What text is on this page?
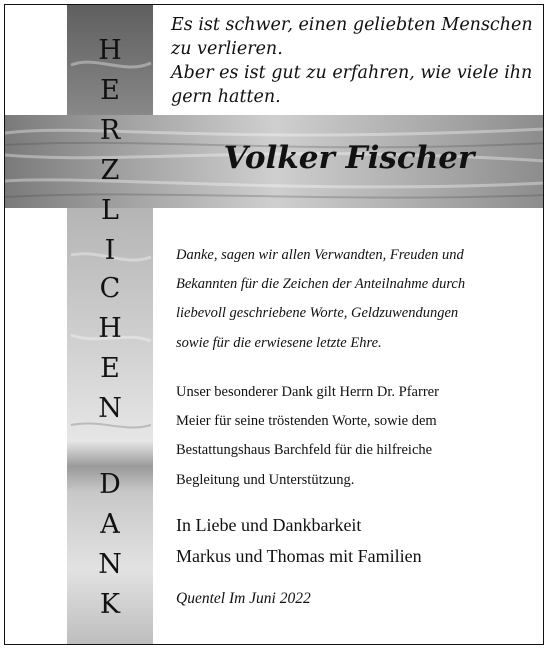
Es ist schwer, einen geliebten Menschen
zu verlieren.
Aber es ist gut zu erfahren, wie viele ihn
gern hatten.
Volker Fischer
H
E
R
Z
L
I
C
H
E
N
D
A
N
K
Danke, sagen wir allen Verwandten, Freuden und
Bekannten für die Zeichen der Anteilnahme durch
liebevoll geschriebene Worte, Geldzuwendungen
sowie für die erwiesene letzte Ehre.
Unser besonderer Dank gilt Herrn Dr. Pfarrer
Meier für seine tröstenden Worte, sowie dem
Bestattungshaus Barchfeld für die hilfreiche
Begleitung und Unterstützung.
In Liebe und Dankbarkeit
Markus und Thomas mit Familien
Quentel Im Juni 2022
